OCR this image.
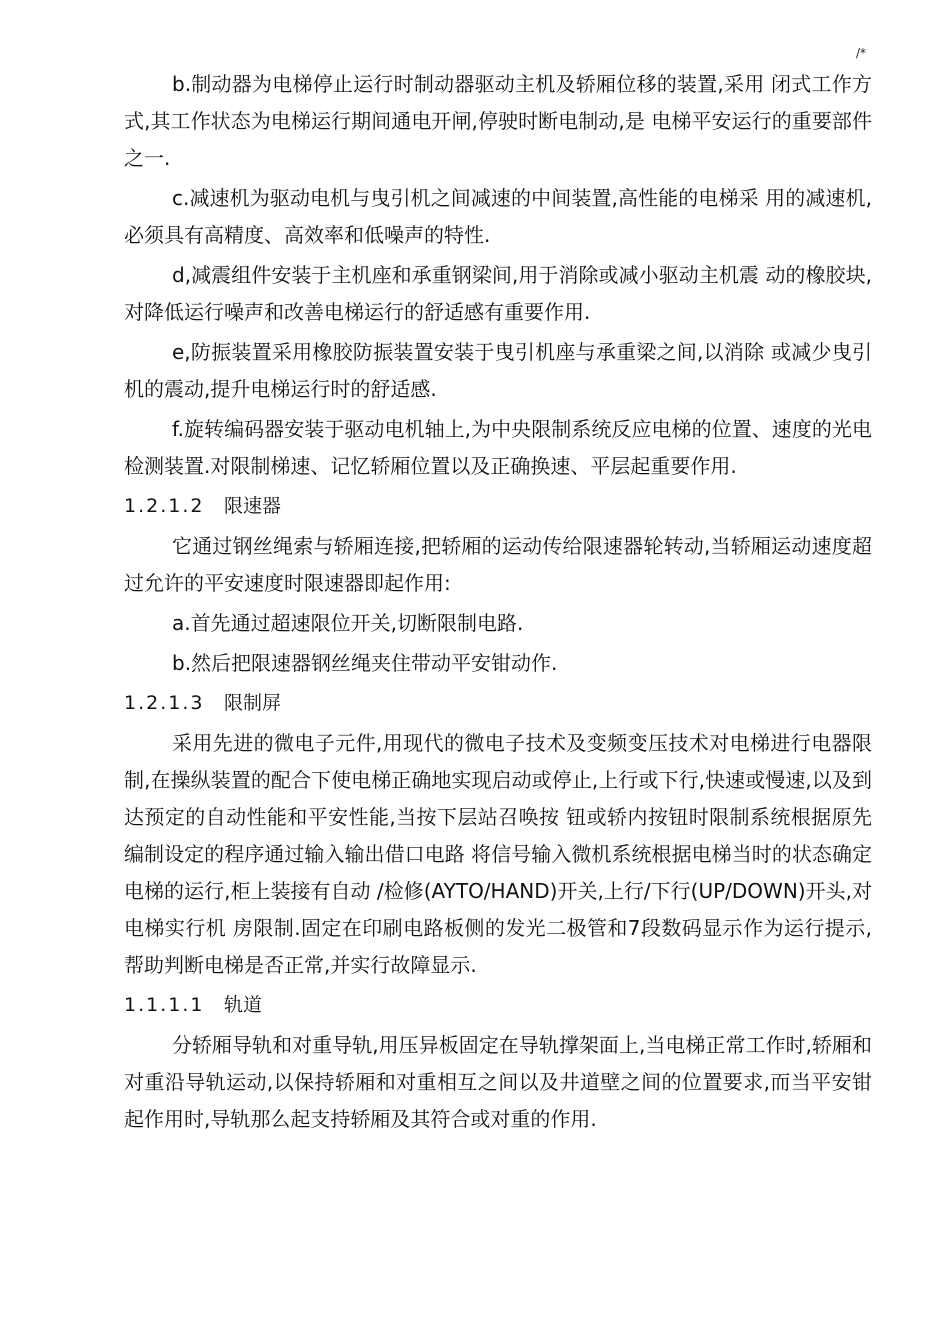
/*

b.制动器为电梯停止运行时制动器驱动主机及轿厢位移的装置,采用 闭式工作方式,其工作状态为电梯运行期间通电开闸,停驶时断电制动,是 电梯平安运行的重要部件之一.

c.减速机为驱动电机与曳引机之间减速的中间装置,高性能的电梯采 用的减速机,必须具有高精度、高效率和低噪声的特性.

d,减震组件安装于主机座和承重钢梁间,用于消除或减小驱动主机震 动的橡胶块,对降低运行噪声和改善电梯运行的舒适感有重要作用.

e,防振装置采用橡胶防振装置安装于曳引机座与承重梁之间,以消除 或减少曳引机的震动,提升电梯运行时的舒适感.

f.旋转编码器安装于驱动电机轴上,为中央限制系统反应电梯的位置、速度的光电检测装置.对限制梯速、记忆轿厢位置以及正确换速、平层起重要作用.

1.2.1.2 限速器

它通过钢丝绳索与轿厢连接,把轿厢的运动传给限速器轮转动,当轿厢运动速度超过允许的平安速度时限速器即起作用:

a.首先通过超速限位开关,切断限制电路.

b.然后把限速器钢丝绳夹住带动平安钳动作.

1.2.1.3 限制屏

采用先进的微电子元件,用现代的微电子技术及变频变压技术对电梯进行电器限制,在操纵装置的配合下使电梯正确地实现启动或停止,上行或下行,快速或慢速,以及到达预定的自动性能和平安性能,当按下层站召唤按 钮或轿内按钮时限制系统根据原先编制设定的程序通过输入输出借口电路 将信号输入微机系统根据电梯当时的状态确定电梯的运行,柜上装接有自动 /检修(AYTO/HAND)开关,上行/下行(UP/DOWN)开头,对电梯实行机 房限制.固定在印刷电路板侧的发光二极管和7段数码显示作为运行提示, 帮助判断电梯是否正常,并实行故障显示.

1.1.1.1 轨道

分轿厢导轨和对重导轨,用压异板固定在导轨撑架面上,当电梯正常工作时,轿厢和对重沿导轨运动,以保持轿厢和对重相互之间以及井道壁之间的位置要求,而当平安钳起作用时,导轨那么起支持轿厢及其符合或对重的作用.
